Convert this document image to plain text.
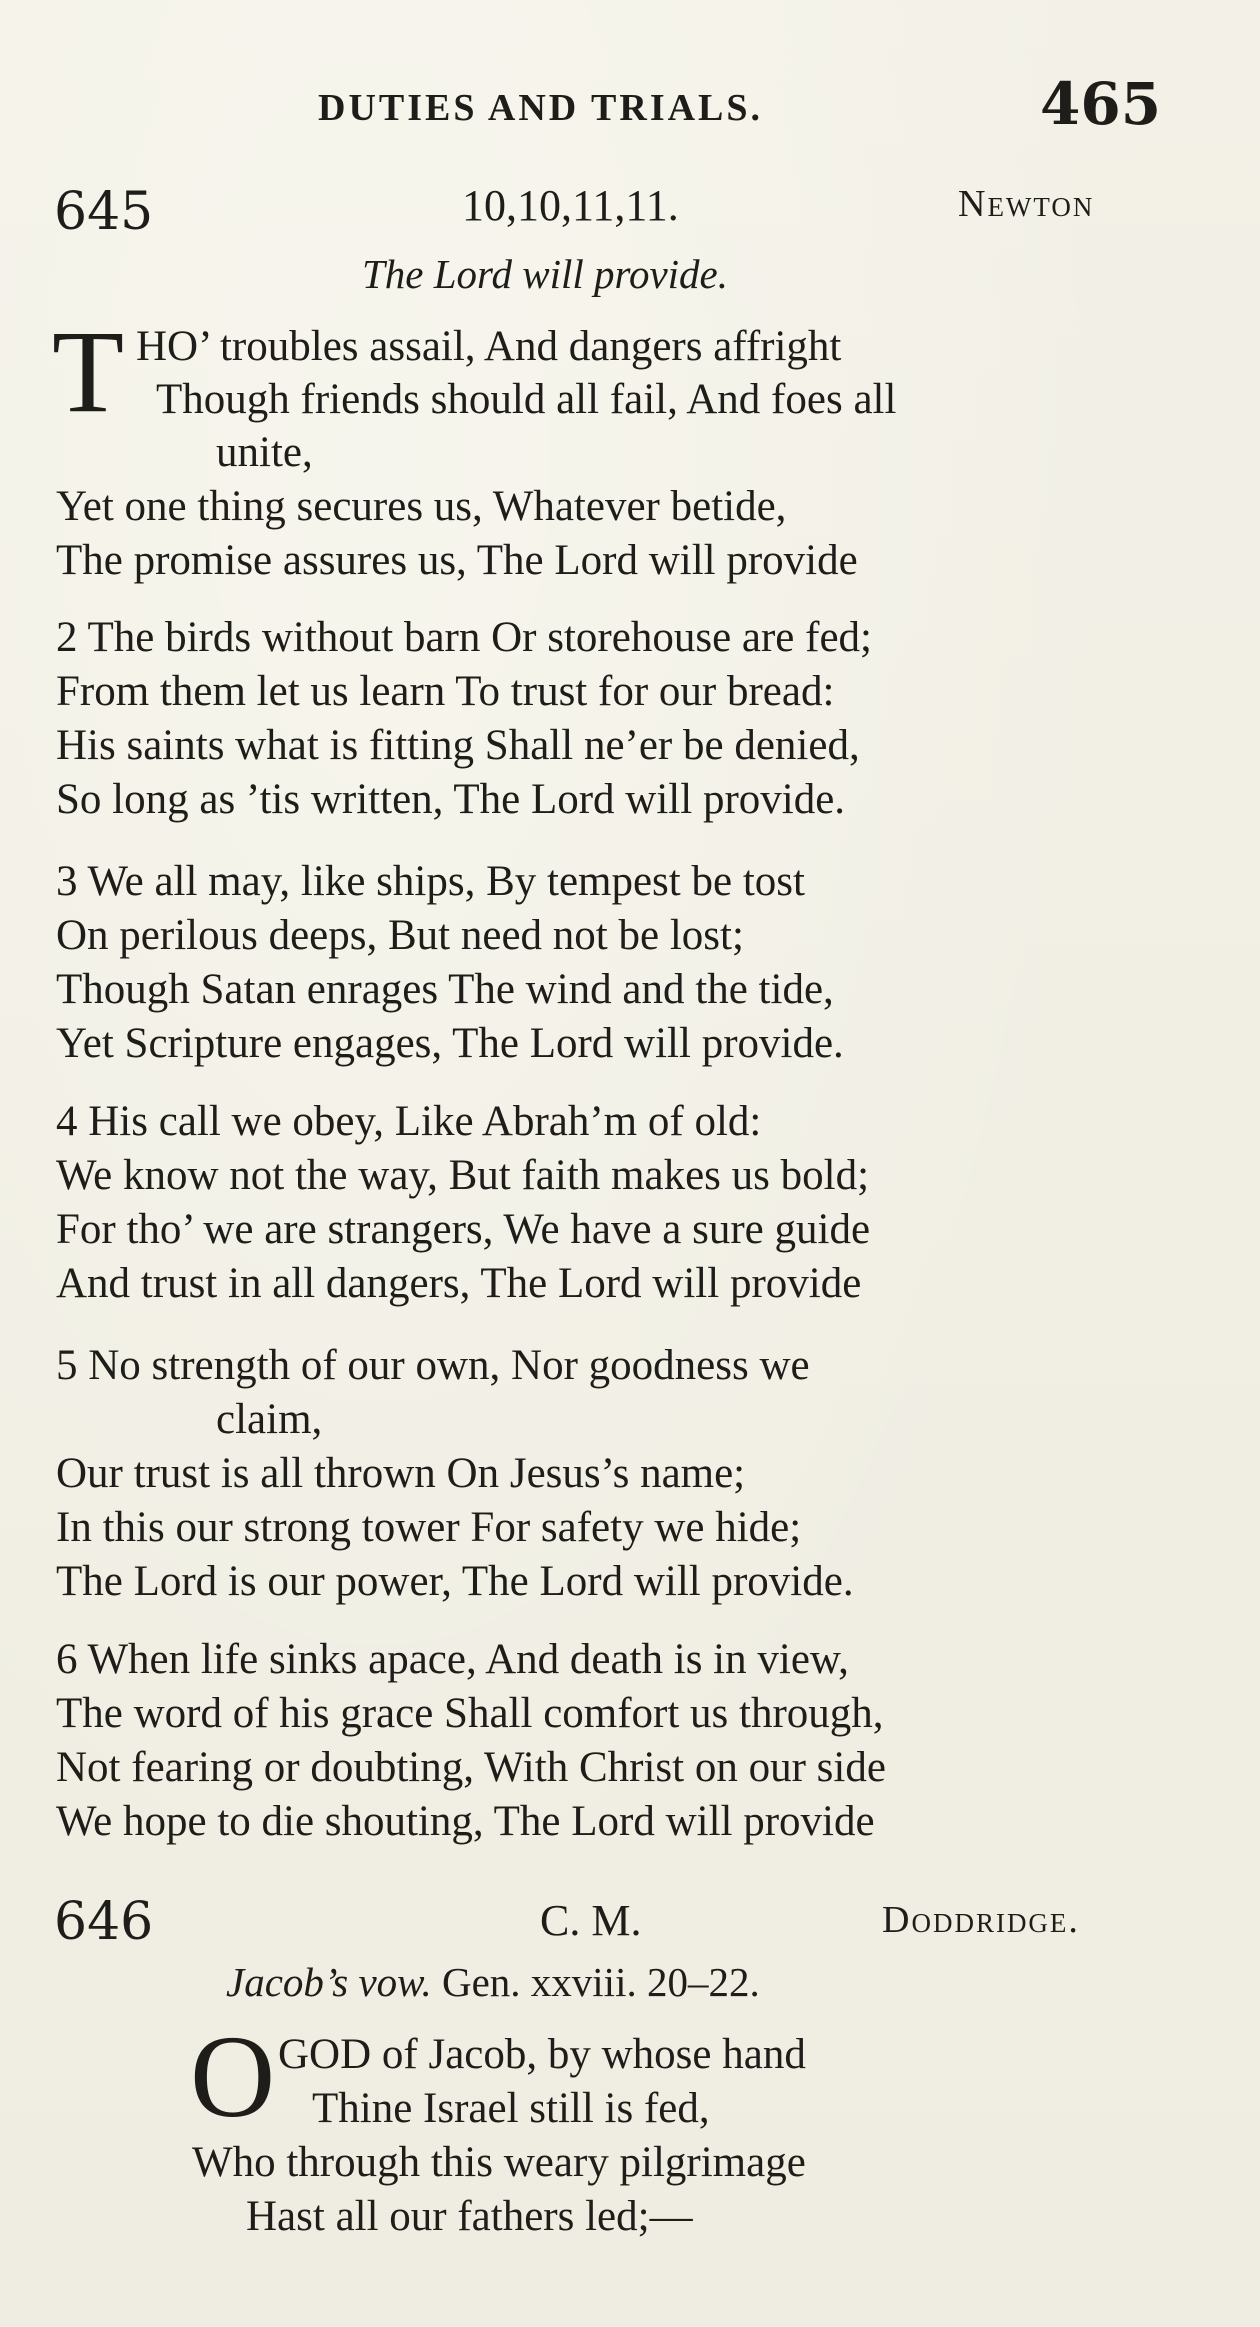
DUTIES AND TRIALS.	465
645	10,10,11,11.	Newton
The Lord will provide.
T HO’ troubles assail, And dangers affright
Though friends should all fail, And foes all
unite,
Yet one thing secures us, Whatever betide,
The promise assures us, The Lord will provide
2 The birds without barn Or storehouse are fed;
From them let us learn To trust for our bread:
His saints what is fitting Shall ne’er be denied,
So long as ’tis written, The Lord will provide.
3 We all may, like ships, By tempest be tost
On perilous deeps, But need not be lost;
Though Satan enrages The wind and the tide,
Yet Scripture engages, The Lord will provide.
4 His call we obey, Like Abrah’m of old:
We know not the way, But faith makes us bold;
For tho’ we are strangers, We have a sure guide
And trust in all dangers, The Lord will provide
5 No strength of our own, Nor goodness we
claim,
Our trust is all thrown On Jesus’s name;
In this our strong tower For safety we hide;
The Lord is our power, The Lord will provide.
6 When life sinks apace, And death is in view,
The word of his grace Shall comfort us through,
Not fearing or doubting, With Christ on our side
We hope to die shouting, The Lord will provide
646	C. M.	Doddridge.
Jacob’s vow. Gen. xxviii. 20–22.
O GOD of Jacob, by whose hand
Thine Israel still is fed,
Who through this weary pilgrimage
Hast all our fathers led;—
